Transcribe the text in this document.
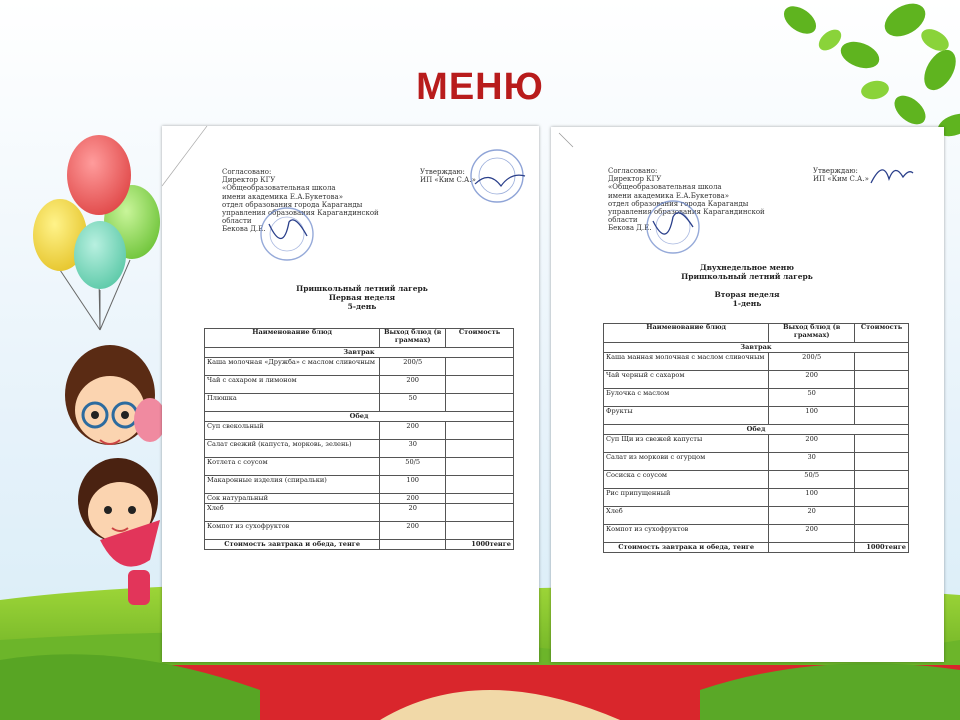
МЕНЮ
Согласовано:
Директор КГУ
«Общеобразовательная школа
имени академика Е.А.Букетова»
отдел образования города Караганды
управления образования Карагандинской
области
Бекова Д.Е.
Утверждаю:
ИП «Ким С.А.»
Пришкольный летний лагерь
Первая неделя
5-день
Наименование блюд	Выход блюд (в граммах)	Стоимость
Завтрак		
Каша молочная «Дружба» с маслом сливочным	200/5	
Чай с сахаром и лимоном	200	
Плюшка	50	
Обед		
Суп свекольный	200	
Салат свежий (капуста, морковь, зелень)	30	
Котлета с соусом	50/5	
Макаронные изделия (спиральки)	100	
Сок натуральный	200	
Хлеб	20	
Компот из сухофруктов	200	
Стоимость завтрака и обеда, тенге		1000тенге
Согласовано:
Директор КГУ
«Общеобразовательная школа
имени академика Е.А.Букетова»
отдел образования города Караганды
управления образования Карагандинской
области
Бекова Д.Е.
Утверждаю:
ИП «Ким С.А.»
Двухнедельное меню
Пришкольный летний лагерь
Вторая неделя
1-день
Наименование блюд	Выход блюд (в граммах)	Стоимость
Завтрак		
Каша манная молочная с маслом сливочным	200/5	
Чай черный с сахаром	200	
Булочка с маслом	50	
Фрукты	100	
Обед		
Суп Щи из свежей капусты	200	
Салат из моркови с огурцом	30	
Сосиска с соусом	50/5	
Рис припущенный	100	
Хлеб	20	
Компот из сухофруктов	200	
Стоимость завтрака и обеда, тенге		1000тенге
